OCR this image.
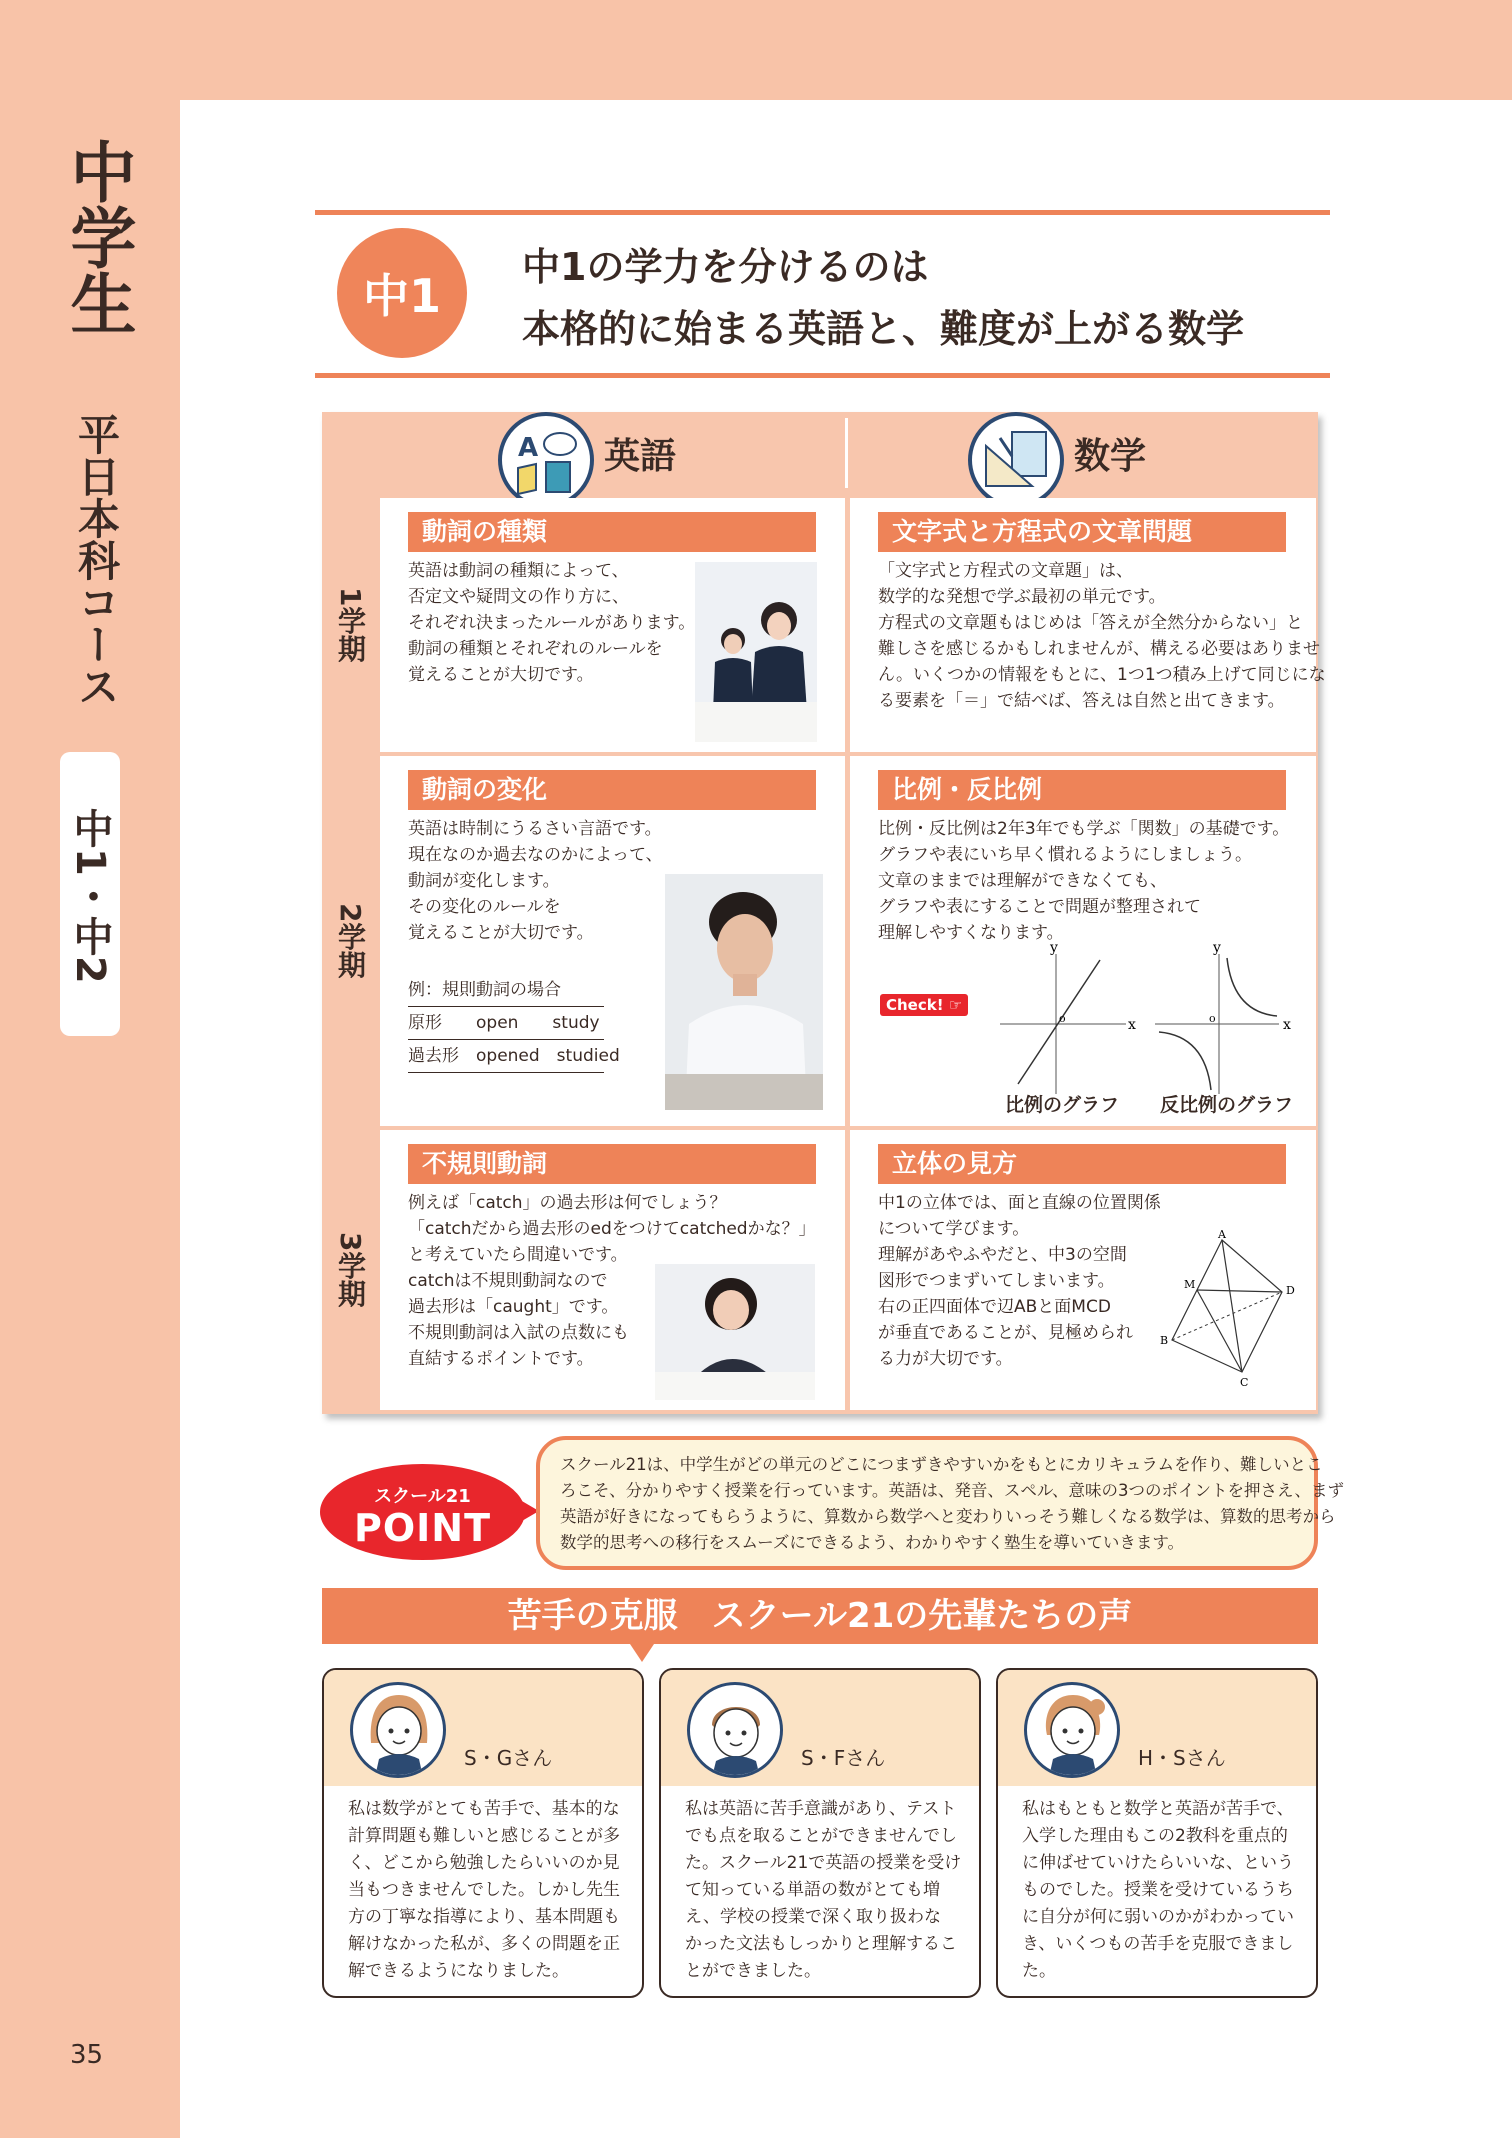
中学生
平日本科コース
中1・中2
35
中1
中1の学力を分けるのは
本格的に始まる英語と、難度が上がる数学
A 英語	数学
1学期
2学期
3学期
動詞の種類
英語は動詞の種類によって、
否定文や疑問文の作り方に、
それぞれ決まったルールがあります。
動詞の種類とそれぞれのルールを
覚えることが大切です。
文字式と方程式の文章問題
「文字式と方程式の文章題」は、
数学的な発想で学ぶ最初の単元です。
方程式の文章題もはじめは「答えが全然分からない」と
難しさを感じるかもしれませんが、構える必要はありませ
ん。いくつかの情報をもとに、1つ1つ積み上げて同じにな
る要素を「＝」で結べば、答えは自然と出てきます。
動詞の変化
英語は時制にうるさい言語です。
現在なのか過去なのかによって、
動詞が変化します。
その変化のルールを
覚えることが大切です。
例：規則動詞の場合
原形　　open　　study
過去形　opened　studied
比例・反比例
比例・反比例は2年3年でも学ぶ「関数」の基礎です。
グラフや表にいち早く慣れるようにしましょう。
文章のままでは理解ができなくても、
グラフや表にすることで問題が整理されて
理解しやすくなります。
Check! ☞
y
x
o
y
x
o
比例のグラフ 反比例のグラフ
不規則動詞
例えば「catch」の過去形は何でしょう？
「catchだから過去形のedをつけてcatchedかな？」
と考えていたら間違いです。
catchは不規則動詞なので
過去形は「caught」です。
不規則動詞は入試の点数にも
直結するポイントです。
立体の見方
中1の立体では、面と直線の位置関係
について学びます。
理解があやふやだと、中3の空間
図形でつまずいてしまいます。
右の正四面体で辺ABと面MCD
が垂直であることが、見極められ
る力が大切です。
A
M
B
C
D
スクール21
POINT
スクール21は、中学生がどの単元のどこにつまずきやすいかをもとにカリキュラムを作り、難しいとこ
ろこそ、分かりやすく授業を行っています。英語は、発音、スペル、意味の3つのポイントを押さえ、まず
英語が好きになってもらうように、算数から数学へと変わりいっそう難しくなる数学は、算数的思考から
数学的思考への移行をスムーズにできるよう、わかりやすく塾生を導いていきます。
苦手の克服　スクール21の先輩たちの声
S・Gさん
私は数学がとても苦手で、基本的な
計算問題も難しいと感じることが多
く、どこから勉強したらいいのか見
当もつきませんでした。しかし先生
方の丁寧な指導により、基本問題も
解けなかった私が、多くの問題を正
解できるようになりました。
S・Fさん
私は英語に苦手意識があり、テスト
でも点を取ることができませんでし
た。スクール21で英語の授業を受け
て知っている単語の数がとても増
え、学校の授業で深く取り扱わな
かった文法もしっかりと理解するこ
とができました。
H・Sさん
私はもともと数学と英語が苦手で、
入学した理由もこの2教科を重点的
に伸ばせていけたらいいな、という
ものでした。授業を受けているうち
に自分が何に弱いのかがわかってい
き、いくつもの苦手を克服できまし
た。
